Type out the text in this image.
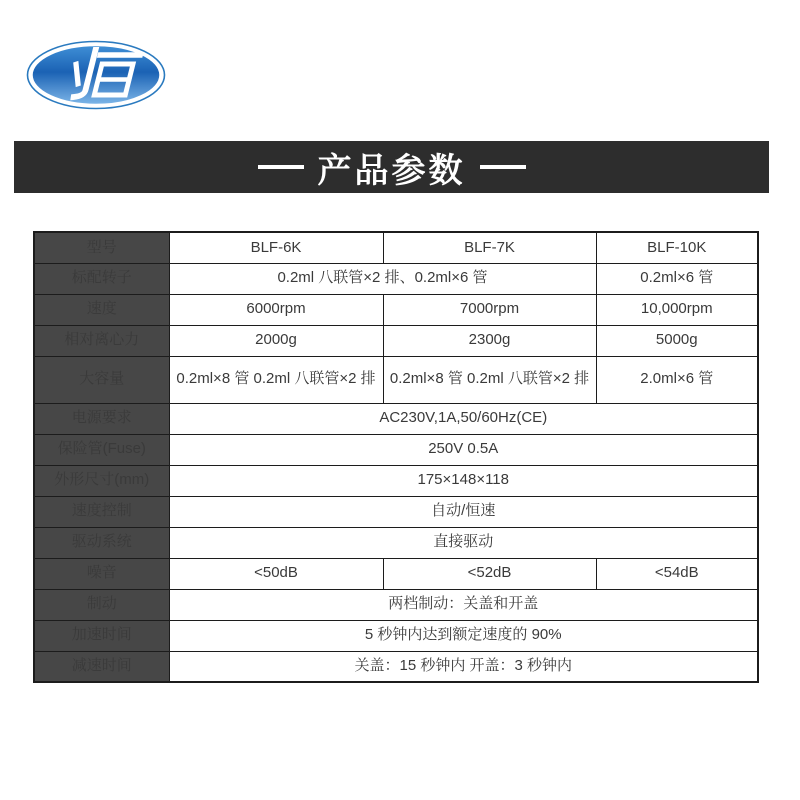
产品参数
型号	BLF-6K	BLF-7K	BLF-10K
标配转子	0.2ml 八联管×2 排、0.2ml×6 管		0.2ml×6 管
速度	6000rpm	7000rpm	10,000rpm
相对离心力	2000g	2300g	5000g
大容量	0.2ml×8 管 0.2ml 八联管×2 排	0.2ml×8 管 0.2ml 八联管×2 排	2.0ml×6 管
电源要求	AC230V,1A,50/60Hz(CE)		
保险管(Fuse)	250V 0.5A		
外形尺寸(mm)	175×148×118		
速度控制	自动/恒速		
驱动系统	直接驱动		
噪音	<50dB	<52dB	<54dB
制动	两档制动：关盖和开盖		
加速时间	5 秒钟内达到额定速度的 90%		
减速时间	关盖：15 秒钟内 开盖：3 秒钟内		
